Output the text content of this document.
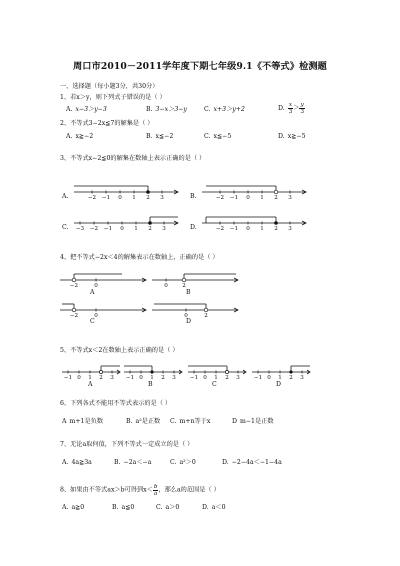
周口市2010－2011学年度下期七年级9.1《不等式》检测题
一、选择题（每小题3分，共30分）
1、若x＞y，则下列式子错误的是（ ）
A. x−3＞y−3	B. 3−x＞3−y	C. x+3＞y+2	D. $\frac{x}{3} > \frac{y}{3}$
2、不等式3−2x≦7的解集是（ ）
A. x≧−2	B. x≦−2	C. x≦−5	D. x≧−5
3、不等式x−2≦0的解集在数轴上表示正确的是（ ）
A.	−2 −1 0 1 2 3	B.	−2 −1 0 1 2 3
C. −3 −2 −1 0 1 2 3	D.	−2 −1 0 1 2 3
4、把不等式−2x＜4的解集表示在数轴上，正确的是（ ）
−2	0
A
0	2
B
−2	0
C
0	2
D
5、不等式x＜2在数轴上表示正确的是（ ）
−1 0 1 2 3
A
−1 0 1 2 3
B
−1 0 1 2 3
C
−1 0 1 2 3
D
6、下列各式不能用不等式表示的是（ ）
A m+1是负数	B. a²是正数 C. m+n等于x	D m−1是正数
7、无论a取何值，下列不等式一定成立的是（ ）
A. 4a≧3a	B. −2a＜−a	C. a²＞0	D. −2−4a＜−1−4a
8、如果由不等式ax＞b可得到$x< \frac{b}{a}$ ，那么a的范围是（ ）
A. a≧0	B. a≦0	C. a＞0	D. a＜0
